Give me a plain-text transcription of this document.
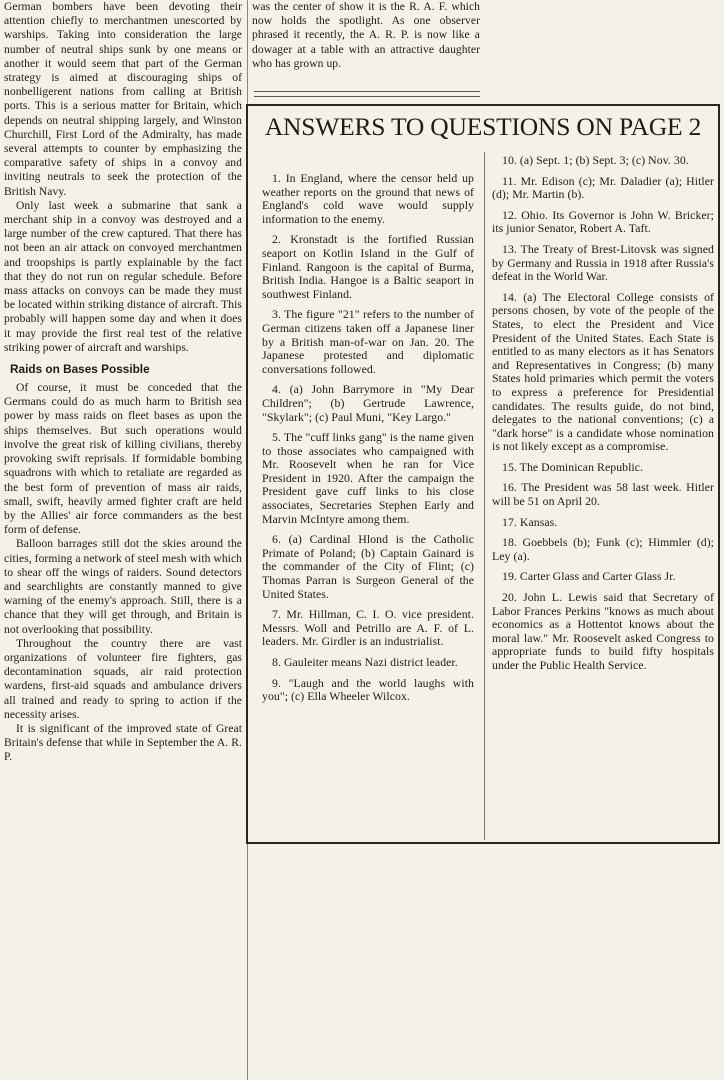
German bombers have been devoting their attention chiefly to merchantmen unescorted by warships. Taking into consideration the large number of neutral ships sunk by one means or another it would seem that part of the German strategy is aimed at discouraging ships of nonbelligerent nations from calling at British ports. This is a serious matter for Britain, which depends on neutral shipping largely, and Winston Churchill, First Lord of the Admiralty, has made several attempts to counter by emphasizing the comparative safety of ships in a convoy and inviting neutrals to seek the protection of the British Navy.

Only last week a submarine that sank a merchant ship in a convoy was destroyed and a large number of the crew captured. That there has not been an air attack on convoyed merchantmen and troopships is partly explainable by the fact that they do not run on regular schedule. Before mass attacks on convoys can be made they must be located within striking distance of aircraft. This probably will happen some day and when it does it may provide the first real test of the relative striking power of aircraft and warships.

Raids on Bases Possible

Of course, it must be conceded that the Germans could do as much harm to British sea power by mass raids on fleet bases as upon the ships themselves. But such operations would involve the great risk of killing civilians, thereby provoking swift reprisals. If formidable bombing squadrons with which to retaliate are regarded as the best form of prevention of mass air raids, small, swift, heavily armed fighter craft are held by the Allies' air force commanders as the best form of defense.

Balloon barrages still dot the skies around the cities, forming a network of steel mesh with which to shear off the wings of raiders. Sound detectors and searchlights are constantly manned to give warning of the enemy's approach. Still, there is a chance that they will get through, and Britain is not overlooking that possibility.

Throughout the country there are vast organizations of volunteer fire fighters, gas decontamination squads, air raid protection wardens, first-aid squads and ambulance drivers all trained and ready to spring to action if the necessity arises.

It is significant of the improved state of Great Britain's defense that while in September the A. R. P.

was the center of show it is the R. A. F. which now holds the spotlight. As one observer phrased it recently, the A. R. P. is now like a dowager at a table with an attractive daughter who has grown up.

ANSWERS TO QUESTIONS ON PAGE 2

1. In England, where the censor held up weather reports on the ground that news of England's cold wave would supply information to the enemy.

2. Kronstadt is the fortified Russian seaport on Kotlin Island in the Gulf of Finland. Rangoon is the capital of Burma, British India. Hangoe is a Baltic seaport in southwest Finland.

3. The figure "21" refers to the number of German citizens taken off a Japanese liner by a British man-of-war on Jan. 20. The Japanese protested and diplomatic conversations followed.

4. (a) John Barrymore in "My Dear Children"; (b) Gertrude Lawrence, "Skylark"; (c) Paul Muni, "Key Largo."

5. The "cuff links gang" is the name given to those associates who campaigned with Mr. Roosevelt when he ran for Vice President in 1920. After the campaign the President gave cuff links to his close associates, Secretaries Stephen Early and Marvin McIntyre among them.

6. (a) Cardinal Hlond is the Catholic Primate of Poland; (b) Captain Gainard is the commander of the City of Flint; (c) Thomas Parran is Surgeon General of the United States.

7. Mr. Hillman, C. I. O. vice president. Messrs. Woll and Petrillo are A. F. of L. leaders. Mr. Girdler is an industrialist.

8. Gauleiter means Nazi district leader.

9. "Laugh and the world laughs with you"; (c) Ella Wheeler Wilcox.

10. (a) Sept. 1; (b) Sept. 3; (c) Nov. 30.

11. Mr. Edison (c); Mr. Daladier (a); Hitler (d); Mr. Martin (b).

12. Ohio. Its Governor is John W. Bricker; its junior Senator, Robert A. Taft.

13. The Treaty of Brest-Litovsk was signed by Germany and Russia in 1918 after Russia's defeat in the World War.

14. (a) The Electoral College consists of persons chosen, by vote of the people of the States, to elect the President and Vice President of the United States. Each State is entitled to as many electors as it has Senators and Representatives in Congress; (b) many States hold primaries which permit the voters to express a preference for Presidential candidates. The results guide, do not bind, delegates to the national conventions; (c) a "dark horse" is a candidate whose nomination is not likely except as a compromise.

15. The Dominican Republic.

16. The President was 58 last week. Hitler will be 51 on April 20.

17. Kansas.

18. Goebbels (b); Funk (c); Himmler (d); Ley (a).

19. Carter Glass and Carter Glass Jr.

20. John L. Lewis said that Secretary of Labor Frances Perkins "knows as much about economics as a Hottentot knows about the moral law." Mr. Roosevelt asked Congress to appropriate funds to build fifty hospitals under the Public Health Service.
